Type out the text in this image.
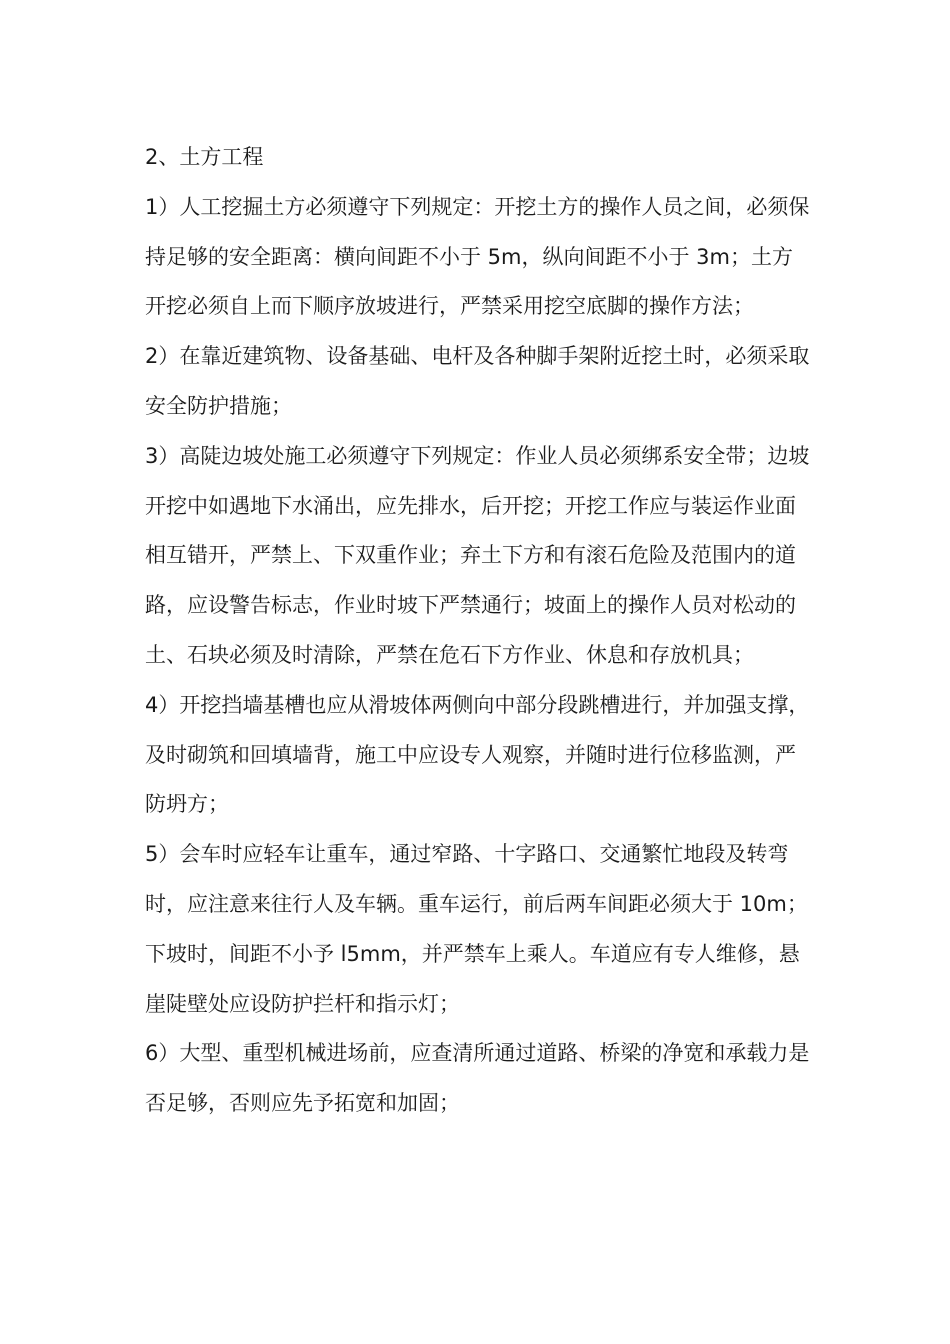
2、土方工程

1）人工挖掘土方必须遵守下列规定：开挖土方的操作人员之间，必须保持足够的安全距离：横向间距不小于 5m，纵向间距不小于 3m；土方开挖必须自上而下顺序放坡进行，严禁采用挖空底脚的操作方法；

2）在靠近建筑物、设备基础、电杆及各种脚手架附近挖土时，必须采取安全防护措施；

3）高陡边坡处施工必须遵守下列规定：作业人员必须绑系安全带；边坡开挖中如遇地下水涌出，应先排水，后开挖；开挖工作应与装运作业面相互错开，严禁上、下双重作业；弃土下方和有滚石危险及范围内的道路，应设警告标志，作业时坡下严禁通行；坡面上的操作人员对松动的土、石块必须及时清除，严禁在危石下方作业、休息和存放机具；

4）开挖挡墙基槽也应从滑坡体两侧向中部分段跳槽进行，并加强支撑，及时砌筑和回填墙背，施工中应设专人观察，并随时进行位移监测，严防坍方；

5）会车时应轻车让重车，通过窄路、十字路口、交通繁忙地段及转弯时，应注意来往行人及车辆。重车运行，前后两车间距必须大于 10m；下坡时，间距不小予 l5mm，并严禁车上乘人。车道应有专人维修，悬崖陡壁处应设防护拦杆和指示灯；

6）大型、重型机械进场前，应查清所通过道路、桥梁的净宽和承载力是否足够，否则应先予拓宽和加固；
